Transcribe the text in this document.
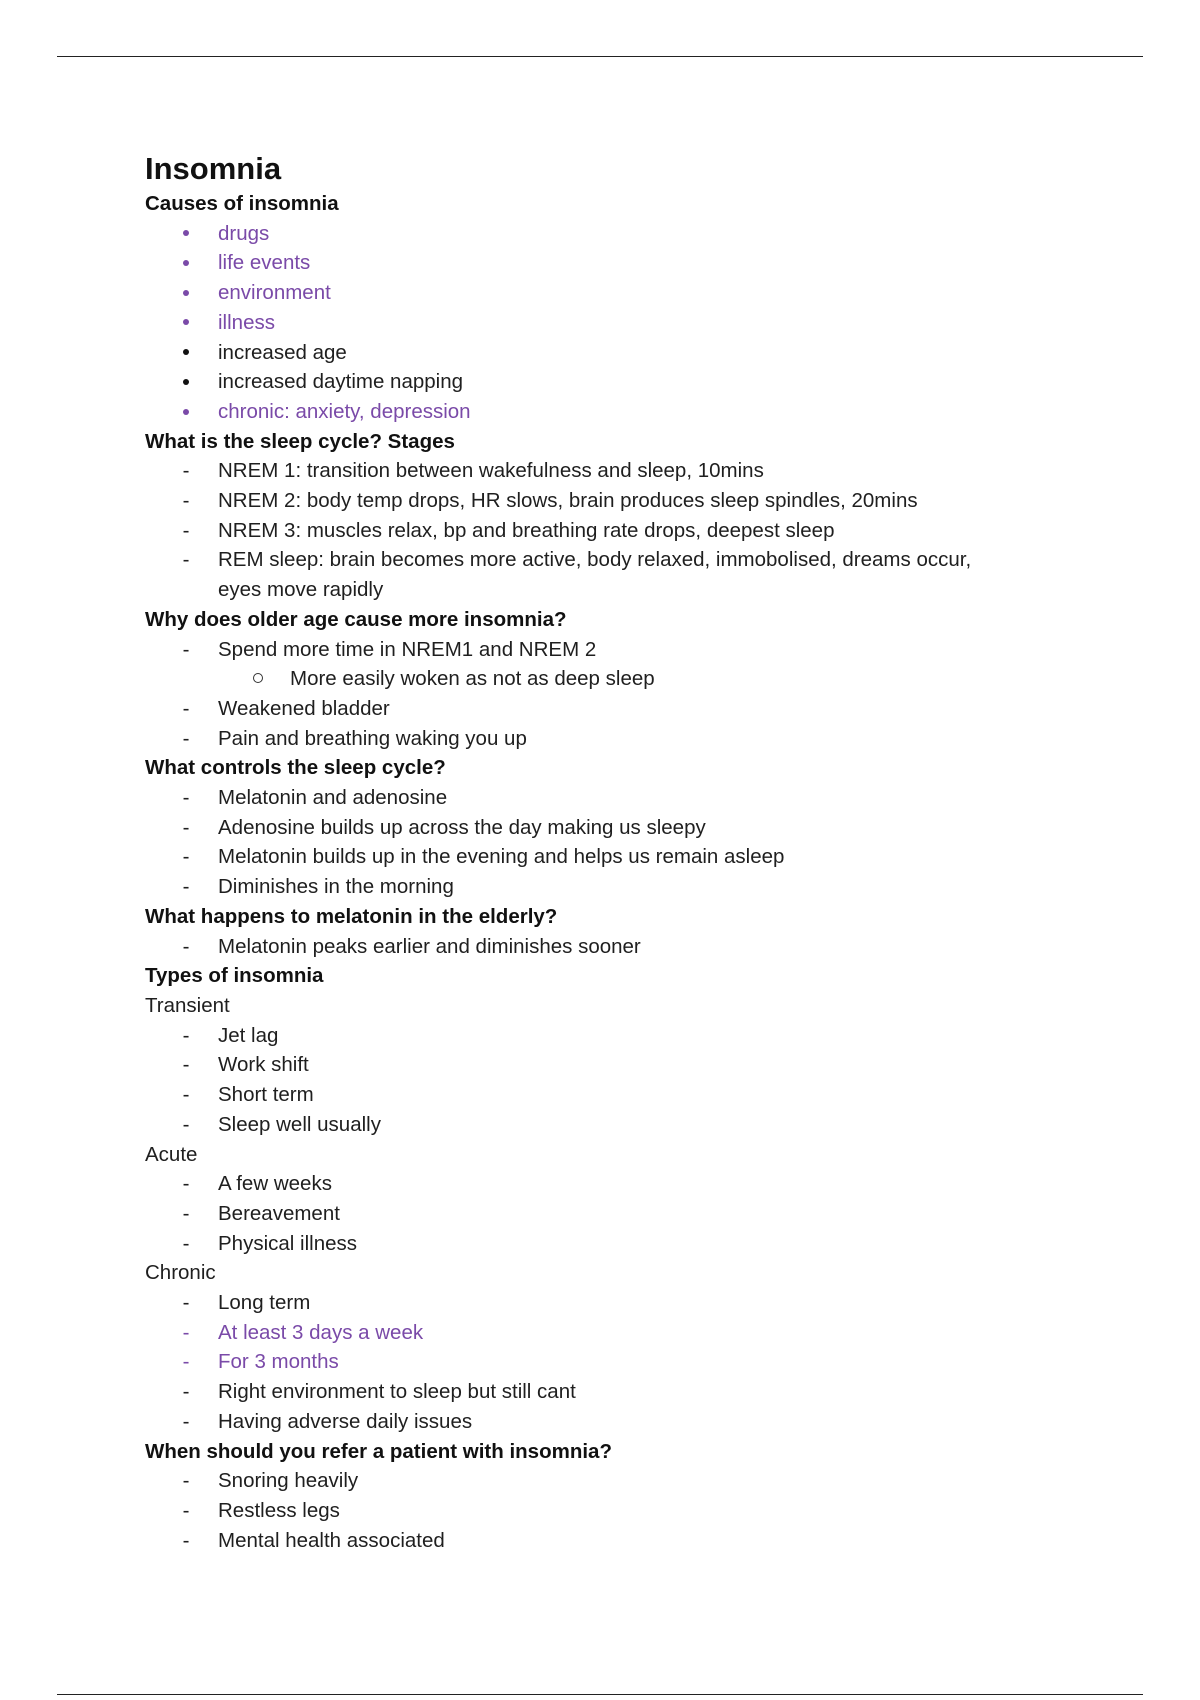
Insomnia
Causes of insomnia
drugs
life events
environment
illness
increased age
increased daytime napping
chronic: anxiety, depression
What is the sleep cycle? Stages
- NREM 1: transition between wakefulness and sleep, 10mins
- NREM 2: body temp drops, HR slows, brain produces sleep spindles, 20mins
- NREM 3: muscles relax, bp and breathing rate drops, deepest sleep
- REM sleep: brain becomes more active, body relaxed, immobolised, dreams occur,
eyes move rapidly
Why does older age cause more insomnia?
- Spend more time in NREM1 and NREM 2
More easily woken as not as deep sleep
- Weakened bladder
- Pain and breathing waking you up
What controls the sleep cycle?
- Melatonin and adenosine
- Adenosine builds up across the day making us sleepy
- Melatonin builds up in the evening and helps us remain asleep
- Diminishes in the morning
What happens to melatonin in the elderly?
- Melatonin peaks earlier and diminishes sooner
Types of insomnia
Transient
- Jet lag
- Work shift
- Short term
- Sleep well usually
Acute
- A few weeks
- Bereavement
- Physical illness
Chronic
- Long term
- At least 3 days a week
- For 3 months
- Right environment to sleep but still cant
- Having adverse daily issues
When should you refer a patient with insomnia?
- Snoring heavily
- Restless legs
- Mental health associated
